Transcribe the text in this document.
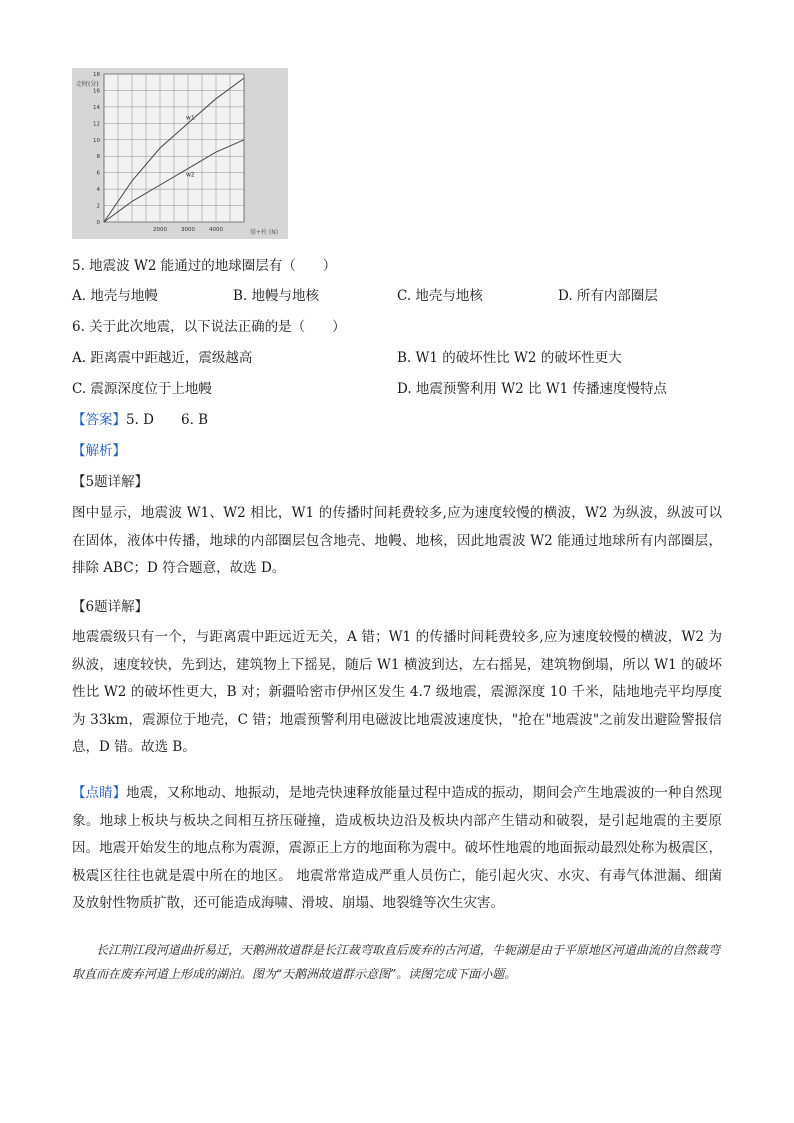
0
2
4
6
8
10
12
14
16
18
2000	3000	4000
w1
w2
走时(分)
鼎+柱 (N)
5. 地震波 W2 能通过的地球圈层有（　　）
A. 地壳与地幔	B. 地幔与地核	C. 地壳与地核	D. 所有内部圈层
6. 关于此次地震，以下说法正确的是（　　）
A. 距离震中距越近，震级越高	B. W1 的破坏性比 W2 的破坏性更大
C. 震源深度位于上地幔	D. 地震预警利用 W2 比 W1 传播速度慢特点
【答案】5. D　　6. B
【解析】
【5题详解】
图中显示，地震波 W1、W2 相比，W1 的传播时间耗费较多,应为速度较慢的横波，W2 为纵波，纵波可以在固体，液体中传播，地球的内部圈层包含地壳、地幔、地核，因此地震波 W2 能通过地球所有内部圈层，排除 ABC；D 符合题意，故选 D。
【6题详解】
地震震级只有一个，与距离震中距远近无关，A 错；W1 的传播时间耗费较多,应为速度较慢的横波，W2 为纵波，速度较快，先到达，建筑物上下摇晃，随后 W1 横波到达，左右摇晃，建筑物倒塌，所以 W1 的破坏性比 W2 的破坏性更大，B 对；新疆哈密市伊州区发生 4.7 级地震，震源深度 10 千米，陆地地壳平均厚度为 33km，震源位于地壳，C 错；地震预警利用电磁波比地震波速度快，"抢在"地震波"之前发出避险警报信息，D 错。故选 B。
【点睛】地震，又称地动、地振动，是地壳快速释放能量过程中造成的振动，期间会产生地震波的一种自然现象。地球上板块与板块之间相互挤压碰撞，造成板块边沿及板块内部产生错动和破裂，是引起地震的主要原因。地震开始发生的地点称为震源，震源正上方的地面称为震中。破坏性地震的地面振动最烈处称为极震区，极震区往往也就是震中所在的地区。 地震常常造成严重人员伤亡，能引起火灾、水灾、有毒气体泄漏、细菌及放射性物质扩散，还可能造成海啸、滑坡、崩塌、地裂缝等次生灾害。
长江荆江段河道曲折易迁，天鹅洲故道群是长江裁弯取直后废弃的古河道，牛轭湖是由于平原地区河道曲流的自然裁弯取直而在废弃河道上形成的湖泊。图为“天鹅洲故道群示意图”。读图完成下面小题。
